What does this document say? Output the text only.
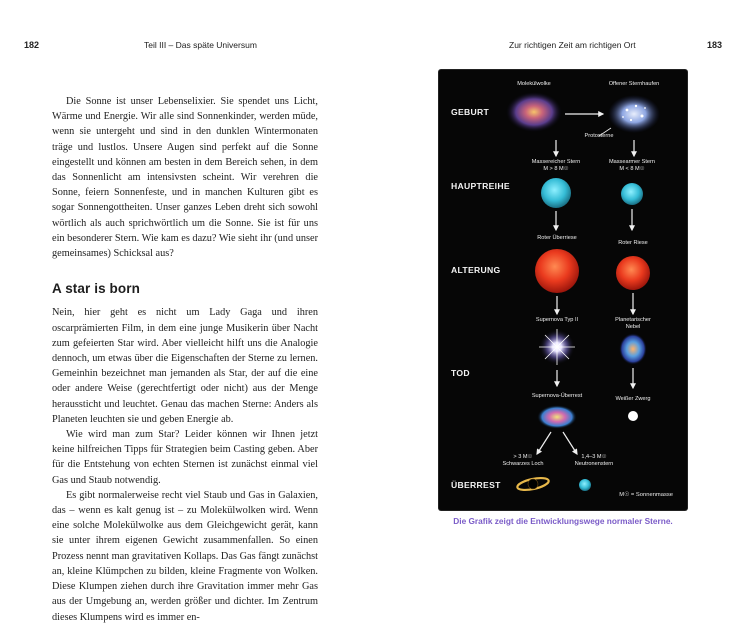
182	Teil III – Das späte Universum

Die Sonne ist unser Lebenselixier. Sie spendet uns Licht, Wärme und Energie. Wir alle sind Sonnenkinder, werden müde, wenn sie untergeht und sind in den dunklen Wintermonaten träge und lustlos. Unsere Augen sind perfekt auf die Sonne eingestellt und können am besten in dem Bereich sehen, in dem das Sonnenlicht am intensivsten scheint. Wir verehren die Sonne, feiern Sonnenfeste, und in manchen Kulturen gibt es sogar Sonnengottheiten. Unser ganzes Leben dreht sich sowohl wörtlich als auch sprichwörtlich um die Sonne. Sie ist für uns ein besonderer Stern. Wie kam es dazu? Wie sieht ihr (und unser gemeinsames) Schicksal aus?

A star is born

Nein, hier geht es nicht um Lady Gaga und ihren oscarprämierten Film, in dem eine junge Musikerin über Nacht zum gefeierten Star wird. Aber vielleicht hilft uns die Analogie dennoch, um etwas über die Eigenschaften der Sterne zu lernen. Gemeinhin bezeichnet man jemanden als Star, der auf die eine oder andere Weise (gerechtfertigt oder nicht) aus der Menge heraussticht und leuchtet. Genau das machen Sterne: Anders als Planeten leuchten sie und geben Energie ab.

Wie wird man zum Star? Leider können wir Ihnen jetzt keine hilfreichen Tipps für Strategien beim Casting geben. Aber für die Entstehung von echten Sternen ist zunächst einmal viel Gas und Staub notwendig.

Es gibt normalerweise recht viel Staub und Gas in Galaxien, das – wenn es kalt genug ist – zu Molekülwolken wird. Wenn eine solche Molekülwolke aus dem Gleichgewicht gerät, kann sie unter ihrem eigenen Gewicht zusammenfallen. So einen Prozess nennt man gravitativen Kollaps. Das Gas fängt zunächst an, kleine Klümpchen zu bilden, kleine Fragmente von Wolken. Diese Klumpen ziehen durch ihre Gravitation immer mehr Gas aus der Umgebung an, werden größer und dichter. Im Zentrum dieses Klumpens wird es immer en-

Zur richtigen Zeit am richtigen Ort	183
GEBURT
HAUPTREIHE
ALTERUNG
TOD
ÜBERREST
Molekülwolke	Offener Sternhaufen
Protosterne
Massereicher Stern
M > 8 M☉
Massearmer Stern
M < 8 M☉
Roter Überriese
Roter Riese
Supernova Typ II	Planetarischer
Nebel
Supernova-Überrest	Weißer Zwerg
> 3 M☉
Schwarzes Loch
1,4–3 M☉
Neutronenstern
M☉ = Sonnenmasse
Die Grafik zeigt die Entwicklungswege normaler Sterne.
